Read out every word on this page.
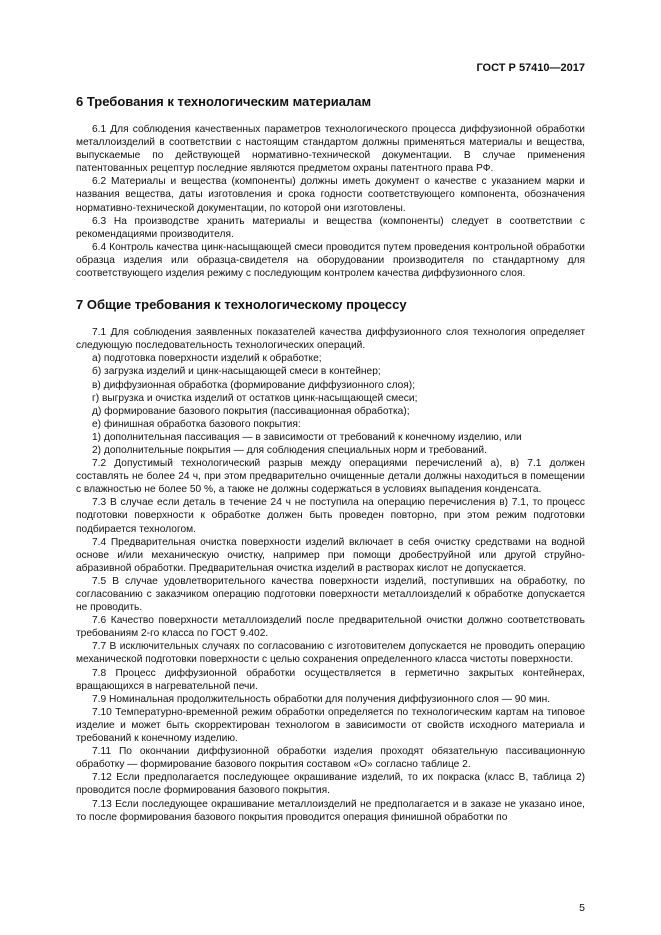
ГОСТ Р 57410—2017
6 Требования к технологическим материалам

6.1 Для соблюдения качественных параметров технологического процесса диффузионной обработки металлоизделий в соответствии с настоящим стандартом должны применяться материалы и вещества, выпускаемые по действующей нормативно-технической документации. В случае применения патентованных рецептур последние являются предметом охраны патентного права РФ.

6.2 Материалы и вещества (компоненты) должны иметь документ о качестве с указанием марки и названия вещества, даты изготовления и срока годности соответствующего компонента, обозначения нормативно-технической документации, по которой они изготовлены.

6.3 На производстве хранить материалы и вещества (компоненты) следует в соответствии с рекомендациями производителя.

6.4 Контроль качества цинк-насыщающей смеси проводится путем проведения контрольной обработки образца изделия или образца-свидетеля на оборудовании производителя по стандартному для соответствующего изделия режиму с последующим контролем качества диффузионного слоя.

7 Общие требования к технологическому процессу

7.1 Для соблюдения заявленных показателей качества диффузионного слоя технология определяет следующую последовательность технологических операций.

а) подготовка поверхности изделий к обработке;

б) загрузка изделий и цинк-насыщающей смеси в контейнер;

в) диффузионная обработка (формирование диффузионного слоя);

г) выгрузка и очистка изделий от остатков цинк-насыщающей смеси;

д) формирование базового покрытия (пассивационная обработка);

е) финишная обработка базового покрытия:

1) дополнительная пассивация — в зависимости от требований к конечному изделию, или

2) дополнительные покрытия — для соблюдения специальных норм и требований.

7.2 Допустимый технологический разрыв между операциями перечислений а), в) 7.1 должен составлять не более 24 ч, при этом предварительно очищенные детали должны находиться в помещении с влажностью не более 50 %, а также не должны содержаться в условиях выпадения конденсата.

7.3 В случае если деталь в течение 24 ч не поступила на операцию перечисления в) 7.1, то процесс подготовки поверхности к обработке должен быть проведен повторно, при этом режим подготовки подбирается технологом.

7.4 Предварительная очистка поверхности изделий включает в себя очистку средствами на водной основе и/или механическую очистку, например при помощи дробеструйной или другой струйно-абразивной обработки. Предварительная очистка изделий в растворах кислот не допускается.

7.5 В случае удовлетворительного качества поверхности изделий, поступивших на обработку, по согласованию с заказчиком операцию подготовки поверхности металлоизделий к обработке допускается не проводить.

7.6 Качество поверхности металлоизделий после предварительной очистки должно соответствовать требованиям 2-го класса по ГОСТ 9.402.

7.7 В исключительных случаях по согласованию с изготовителем допускается не проводить операцию механической подготовки поверхности с целью сохранения определенного класса чистоты поверхности.

7.8 Процесс диффузионной обработки осуществляется в герметично закрытых контейнерах, вращающихся в нагревательной печи.

7.9 Номинальная продолжительность обработки для получения диффузионного слоя — 90 мин.

7.10 Температурно-временной режим обработки определяется по технологическим картам на типовое изделие и может быть скорректирован технологом в зависимости от свойств исходного материала и требований к конечному изделию.

7.11 По окончании диффузионной обработки изделия проходят обязательную пассивационную обработку — формирование базового покрытия составом «О» согласно таблице 2.

7.12 Если предполагается последующее окрашивание изделий, то их покраска (класс В, таблица 2) проводится после формирования базового покрытия.

7.13 Если последующее окрашивание металлоизделий не предполагается и в заказе не указано иное, то после формирования базового покрытия проводится операция финишной обработки по

5
